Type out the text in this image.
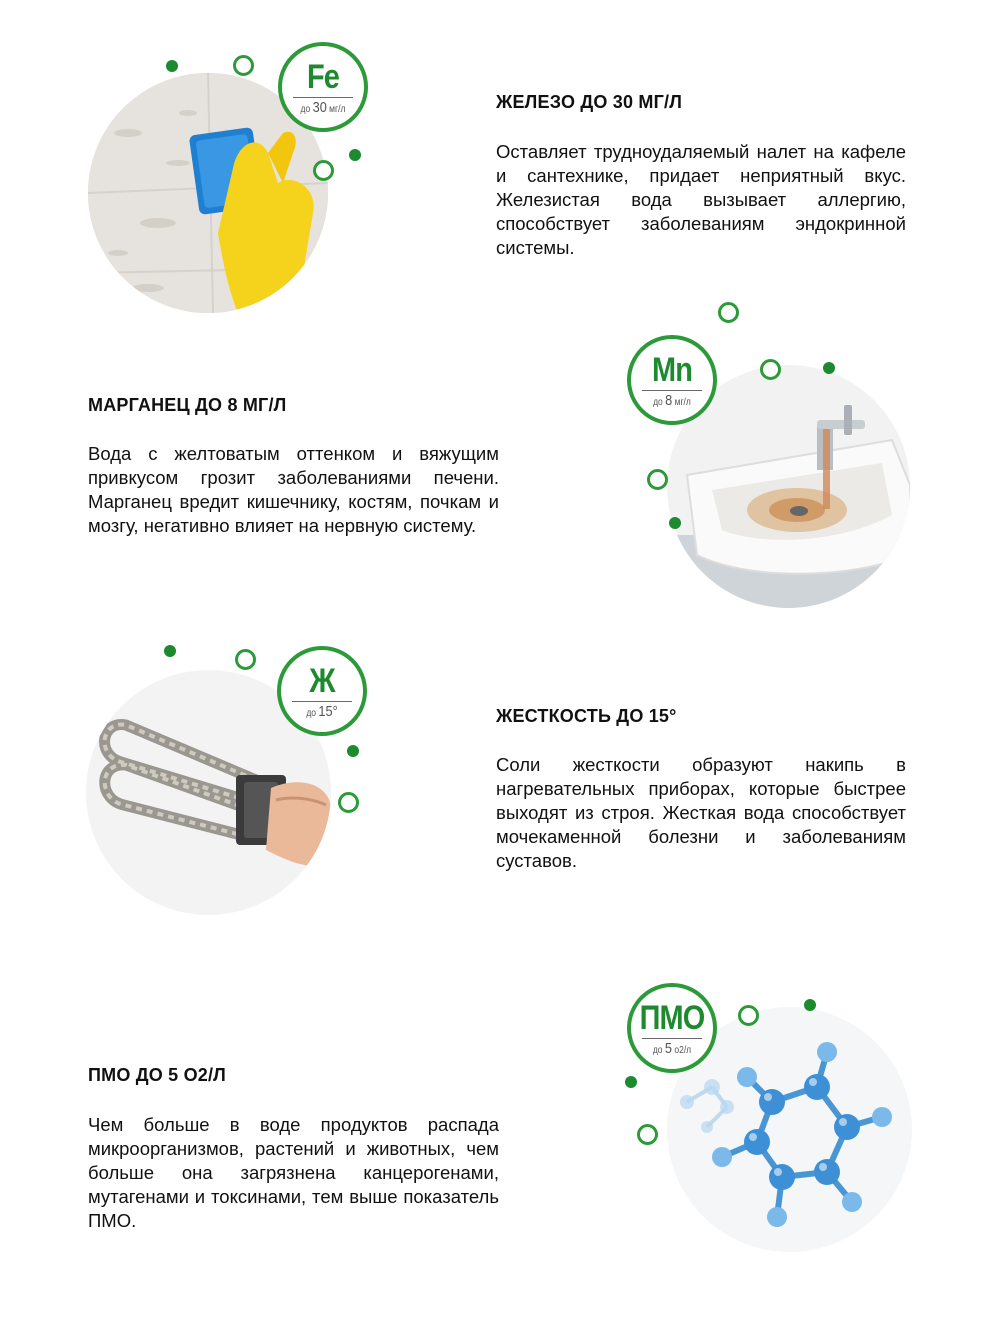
Fe
до 30 мг/л	ЖЕЛЕЗО ДО 30 МГ/Л

Оставляет трудноудаляемый налет на кафеле и сантехнике, придает неприятный вкус. Железистая вода вызывает аллергию, способствует заболеваниям эндокринной системы.

МАРГАНЕЦ ДО 8 МГ/Л

Вода с желтоватым оттенком и вяжущим привкусом грозит заболеваниями печени. Марганец вредит кишечнику, костям, почкам и мозгу, негативно влияет на нервную систему.

Mn
до 8 мг/л
Ж
до 15°	ЖЕСТКОСТЬ ДО 15°

Соли жесткости образуют накипь в нагревательных приборах, которые быстрее выходят из строя. Жесткая вода способствует мочекаменной болезни и заболеваниям суставов.

ПМО ДО 5 O2/Л

Чем больше в воде продуктов распада микроорганизмов, растений и животных, чем больше она загрязнена канцерогенами, мутагенами и токсинами, тем выше показатель ПМО.

ПМО
до 5 о2/л
